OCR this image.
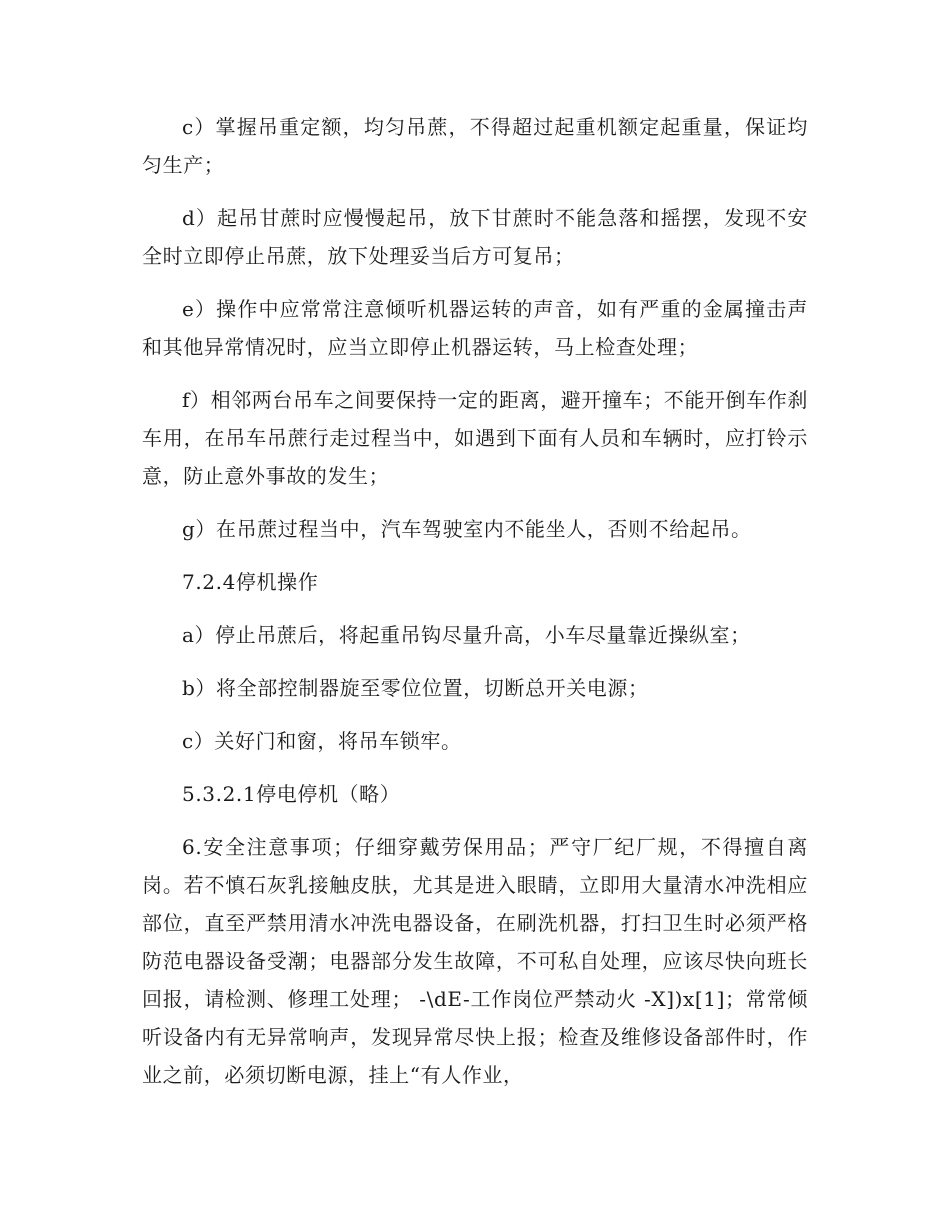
c）掌握吊重定额，均匀吊蔗，不得超过起重机额定起重量，保证均匀生产；

d）起吊甘蔗时应慢慢起吊，放下甘蔗时不能急落和摇摆，发现不安全时立即停止吊蔗，放下处理妥当后方可复吊；

e）操作中应常常注意倾听机器运转的声音，如有严重的金属撞击声和其他异常情况时，应当立即停止机器运转，马上检查处理；

f）相邻两台吊车之间要保持一定的距离，避开撞车；不能开倒车作刹车用，在吊车吊蔗行走过程当中，如遇到下面有人员和车辆时，应打铃示意，防止意外事故的发生；

g）在吊蔗过程当中，汽车驾驶室内不能坐人，否则不给起吊。

7.2.4停机操作

a）停止吊蔗后，将起重吊钩尽量升高，小车尽量靠近操纵室；

b）将全部控制器旋至零位位置，切断总开关电源；

c）关好门和窗，将吊车锁牢。

5.3.2.1停电停机（略）

6.安全注意事项；仔细穿戴劳保用品；严守厂纪厂规，不得擅自离岗。若不慎石灰乳接触皮肤，尤其是进入眼睛，立即用大量清水冲洗相应部位，直至严禁用清水冲洗电器设备，在刷洗机器，打扫卫生时必须严格防范电器设备受潮；电器部分发生故障，不可私自处理，应该尽快向班长回报，请检测、修理工处理； -\dE-工作岗位严禁动火 -X])x[1]；常常倾听设备内有无异常响声，发现异常尽快上报；检查及维修设备部件时，作业之前，必须切断电源，挂上“有人作业，
